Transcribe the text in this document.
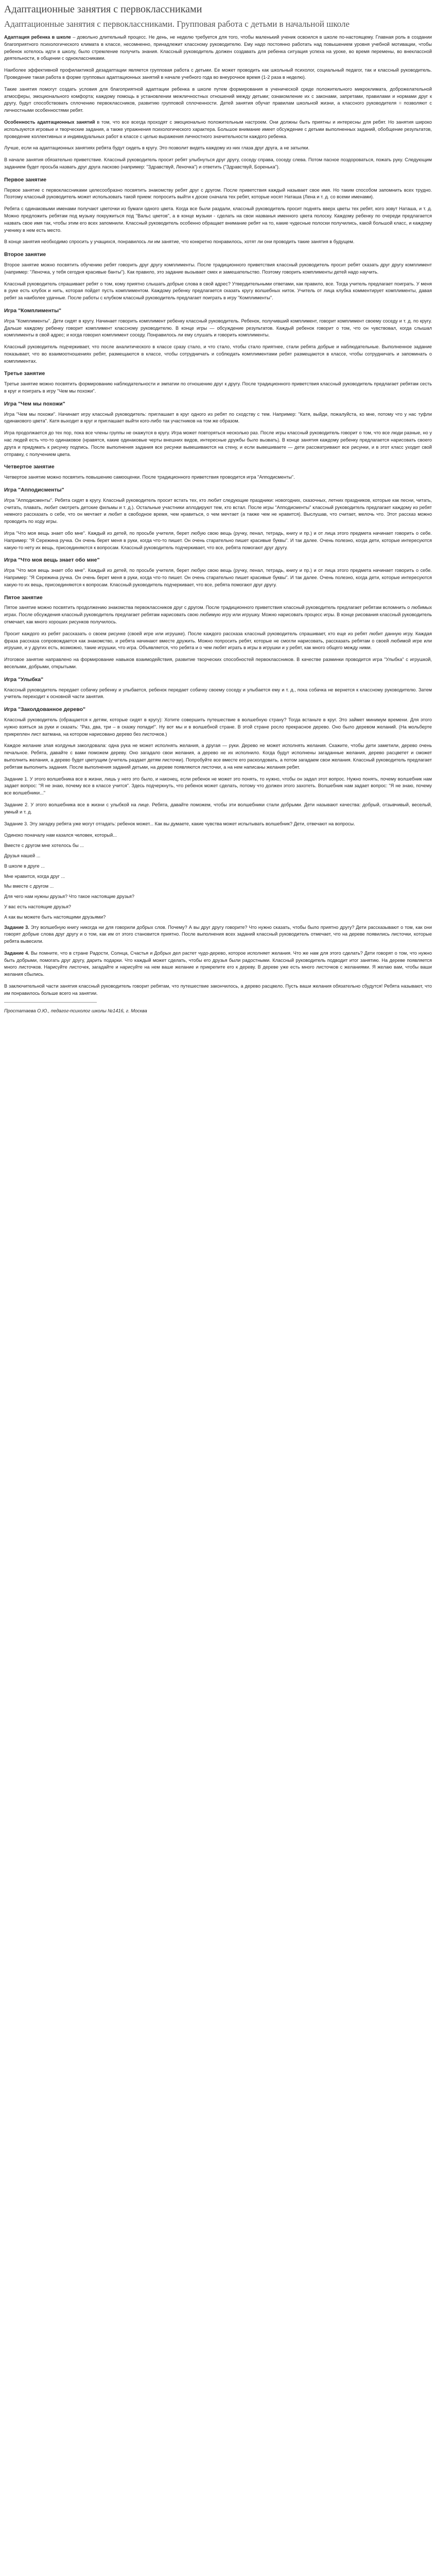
Адаптационные занятия с первоклассниками
Адаптационные занятия с первоклассниками. Групповая работа с детьми в начальной школе

Адаптация ребенка в школе – довольно длительный процесс. Не день, не неделю требуется для того, чтобы маленький ученик освоился в школе по-настоящему. Главная роль в создании благоприятного психологического климата в классе, несомненно, принадлежит классному руководителю. Ему надо постоянно работать над повышением уровня учебной мотивации, чтобы ребенок хотелось идти в школу, было стремление получить знания. Классный руководитель должен создавать для ребенка ситуация успеха на уроке, во время перемены, во внеклассной деятельности, в общении с одноклассниками.

Наиболее эффективной профилактикой дезадаптации является групповая работа с детьми. Ее может проводить как школьный психолог, социальный педагог, так и классный руководитель. Проведение такая работа в форме групповых адаптационных занятий в начале учебного года во внеурочное время (1-2 раза в неделю).

Такие занятия помогут создать условия для благоприятной адаптации ребенка в школе путем формирования в ученической среде положительного микроклимата, доброжелательной атмосферы, эмоционального комфорта; каждому помощь в установлении межличностных отношений между детьми; ознакомление их с законами, запретами, правилами и нормами друг к другу, будут способствовать сплочению первоклассников, развитию групповой сплоченности. Детей занятия обучат правилам школьной жизни, а классного руководителя = позволяют с личностными особенностями ребят.

Особенность адаптационных занятий в том, что все всегда проходят с эмоционально положительным настроем. Они должны быть приятны и интересны для ребят. Но занятия широко используются игровые и творческие задания, а также упражнения психологического характера. Большое внимание имеет обсуждение с детьми выполненных заданий, обобщение результатов, проведение коллективных и индивидуальных работ в классе с целью выражения личностного значительности каждого ребенка.

Лучше, если на адаптационных занятиях ребята будут сидеть в кругу. Это позволит видеть каждому из них глаза друг друга, а не затылки.

В начале занятия обязательно приветствие. Классный руководитель просит ребят улыбнуться друг другу, соседу справа, соседу слева. Потом пасное поздороваться, пожать руку. Следующим заданием будет просьба назвать друг друга ласково (например: "Здравствуй, Леночка") и ответить ("Здравствуй, Боренька").

Первое занятие

Первое занятие с первоклассниками целесообразно посвятить знакомству ребят друг с другом. После приветствия каждый называет свое имя. Но таким способом запомнить всех трудно. Поэтому классный руководитель может использовать такой прием: попросить выйти к доске сначала тех ребят, которые носят Наташа (Лена и т. д. со всеми именами).

Ребята с одинаковыми именами получают цветочки из бумаги одного цвета. Когда все были раздали, классный руководитель просит поднять вверх цветы тех ребят, кого зовут Наташа, и т. д. Можно предложить ребятам под музыку покружиться под "Вальс цветов", а в конце музыки - сделать на свои названья именного цвета полоску. Каждому ребенку по очереди предлагается назвать свое имя так, чтобы этим его всех запомнили. Классный руководитель особенно обращает внимание ребят на то, какие чудесные полоски получились, какой большой класс, и каждому ученику в нем есть место.

В конце занятия необходимо спросить у учащихся, понравилось ли им занятие, что конкретно понравилось, хотят ли они проводить такие занятия в будущем.

Второе занятие

Второе занятие можно посвятить обучению ребят говорить друг другу комплименты. После традиционного приветствия классный руководитель просит ребят сказать друг другу комплимент (например: "Леночка, у тебя сегодня красивые банты"). Как правило, это задание вызывает смех и замешательство. Поэтому говорить комплименты детей надо научить.

Классный руководитель спрашивает ребят о том, кому приятно слышать добрые слова в свой адрес? Утвердительными ответами, как правило, все. Тогда учитель предлагает поиграть. У меня в руке есть клубок и нить, которая пойдет пусть комплиментом. Каждому ребенку предлагается сказать кругу волшебных ниток. Учитель от лица клубка комментирует комплименты, давая ребят за наиболее удачные. После работы с клубком классный руководитель предлагает поиграть в игру "Комплименты".

Игра "Комплименты"

Игра "Комплименты". Дети сидят в кругу. Начинает говорить комплимент ребенку классный руководитель. Ребенок, получивший комплимент, говорит комплимент своему соседу и т. д. по кругу. Дальше каждому ребенку говорит комплимент классному руководителю. В конце игры — обсуждение результатов. Каждый ребенок говорит о том, что он чувствовал, когда слышал комплименты в свой адрес; и когда говорил комплимент соседу. Понравилось ли ему слушать и говорить комплименты.

Классный руководитель подчеркивает, что после аналитического в классе сразу стало, и что стало, чтобы стало приятнее, стали ребята добрые и наблюдательные. Выполненное задание показывает, что во взаимоотношениях ребят, размещаются в классе, чтобы сотрудничать и соблюдать комплиментами ребят размещаются в классе, чтобы сотрудничать и запоминать о комплиментах.

Третье занятие

Третье занятие можно посвятить формированию наблюдательности и эмпатии по отношению друг к другу. После традиционного приветствия классный руководитель предлагает ребятам сесть в круг и поиграть в игру "Чем мы похожи".

Игра "Чем мы похожи"

Игра "Чем мы похожи". Начинает игру классный руководитель: приглашает в круг одного из ребят по сходству с тем. Например: "Катя, выйди, пожалуйста, ко мне, потому что у нас туфли одинакового цвета". Катя выходит в круг и приглашает выйти кого-либо так участников на том же образом.

Игра продолжается до тех пор, пока все члены группы не окажутся в кругу. Игра может повторяться несколько раз. После игры классный руководитель говорит о том, что все люди разные, но у нас людей есть что-то одинаковое (нравятся, какие одинаковые черты внешних видов, интересные дружбы было вызвать). В конце занятия каждому ребенку предлагается нарисовать своего друга и придумать к рисунку подпись. После выполнения задания все рисунки вывешиваются на стену, и если вывешиваете — дети рассматривают все рисунки, и в этот класс уходит свой отправку, с получением цвета.

Четвертое занятие

Четвертое занятие можно посвятить повышению самооценки. После традиционного приветствия проводится игра "Апподисменты".

Игра "Апподисменты"

Игра "Апподисменты". Ребята сидят в кругу. Классный руководитель просит встать тех, кто любит следующие праздники: новогодних, сказочных, летних праздников, которые как песни, читать, считать, плавать, любит смотреть детские фильмы и т. д.). Остальные участники аплодируют тем, кто встал. После игры "Апподисменты" классный руководитель предлагает каждому из ребят немного рассказать о себе, что он мечтает и любит в свободное время, чем нравиться, о чем мечтает (а также чем не нравится). Выслушав, что считает, мелочь что. Этот рассказ можно проводить по ходу игры.

Игра "Что моя вещь знает обо мне". Каждый из детей, по просьбе учителя, берет любую свою вещь (ручку, пенал, тетрадь, книгу и пр.) и от лица этого предмета начинает говорить о себе. Например: "Я Сережина ручка. Он очень берет меня в руки, когда что-то пишет. Он очень старательно пишет красивые буквы". И так далее. Очень полезно, когда дети, которые интересуются какую-то нету их вещь, присоединяются к вопросам. Классный руководитель подчеркивает, что все, ребята помогают друг другу.

Игра "Что моя вещь знает обо мне"

Игра "Что моя вещь знает обо мне". Каждый из детей, по просьбе учителя, берет любую свою вещь (ручку, пенал, тетрадь, книгу и пр.) и от лица этого предмета начинает говорить о себе. Например: "Я Сережина ручка. Он очень берет меня в руки, когда что-то пишет. Он очень старательно пишет красивые буквы". И так далее. Очень полезно, когда дети, которые интересуются какую-то их вещь, присоединяются к вопросам. Классный руководитель подчеркивает, что все, ребята помогают друг другу.

Пятое занятие

Пятое занятие можно посвятить продолжению знакомства первоклассников друг с другом. После традиционного приветствия классный руководитель предлагает ребятам вспомнить о любимых играх. После обсуждения классный руководитель предлагает ребятам нарисовать свою любимую игру или игрушку. Можно нарисовать процесс игры. В конце рисования классный руководитель отмечает, как много хороших рисунков получилось.

Просит каждого из ребят рассказать о своем рисунке (своей игре или игрушке). После каждого рассказа классный руководитель спрашивает, кто еще из ребят любит данную игру. Каждая фраза рассказа сопровождается как знакомство, и ребята начинают вместе дружить. Можно попросить ребят, которые не смогли нарисовать, рассказать ребятам о своей любимой игре или игрушке, и у других есть, возможно, такие игрушки, что игра. Объявляется, что ребята и о чем любят играть в игры в игрушки и у ребят, как много общего между ними.

Итоговое занятие направлено на формирование навыков взаимодействия, развитие творческих способностей первоклассников. В качестве разминки проводится игра "Улыбка" с игрушкой, веселыми, добрыми, открытыми.

Игра "Улыбка"

Классный руководитель передает собачку ребенку и улыбается, ребенок передает собачку своему соседу и улыбается ему и т. д., пока собачка не вернется к классному руководителю. Затем учитель переходит к основной части занятия.

Игра "Заколдованное дерево"

Классный руководитель (обращается к детям, которые сидят в кругу): Хотите совершить путешествие в волшебную страну? Тогда встаньте в круг. Это займет минимум времени. Для этого нужно взяться за руки и сказать: "Раз, два, три – в сказку попади!". Ну вот мы и в волшебной стране. В этой стране росло прекрасное дерево. Оно было деревом желаний. (На мольберте прикреплен лист ватмана, на котором нарисовано дерево без листочков.)

Каждое желание злая колдунья заколдовала: одна рука не может исполнять желания, а другая — руки. Дерево не может исполнять желания. Скажите, чтобы дети заметили, дерево очень печальное. Ребята, давайте с вами поможем дереву. Оно загадало свои желания, а дерево не их исполнило. Когда будут исполнены загаданные желания, дерево расцветет и сможет выполнить желания, а дерево будет цветущим (учитель раздает детям листочки). Попробуйте все вместе его расколдовать, а потом загадаем свои желания. Классный руководитель предлагает ребятам выполнить задания. После выполнения заданий детьми, на дереве появляются листочки, а на нем написаны желания ребят.

Задание 1. У этого волшебника все в жизни, лишь у него это было, и наконец, если ребенок не может это понять, то нужно, чтобы он задал этот вопрос. Нужно понять, почему волшебник нам задает вопрос: "Я не знаю, почему все в классе учится". Здесь подчеркнуть, что ребенок может сделать, потому что должен этого захотеть. Волшебник нам задает вопрос: "Я не знаю, почему все волшебники..."

Задание 2. У этого волшебника все в жизни с улыбкой на лице. Ребята, давайте поможем, чтобы эти волшебники стали добрыми. Дети называют качества: добрый, отзывчивый, веселый, умный и т. д.

Задание 3. Эту загадку ребята уже могут отгадать: ребенок может... Как вы думаете, какие чувства может испытывать волшебник? Дети, отвечают на вопросы.

Одиноко поначалу нам казался человек, который...

Вместе с другом мне хотелось бы ...

Друзья нашей ...

В школе в друге ...

Мне нравится, когда друг ...

Мы вместе с другом ...

Для чего нам нужны друзья? Что такое настоящие друзья?

У вас есть настоящие друзья?

А как вы можете быть настоящими друзьями?

Задание 3. Эту волшебную книгу никогда ни для говорили добрых слов. Почему? А вы друг другу говорите? Что нужно сказать, чтобы было приятно другу? Дети рассказывают о том, как они говорят добрые слова друг другу и о том, как им от этого становится приятно. После выполнения всех заданий классный руководитель отмечает, что на дереве появились листочки, которые ребята вывесили.

Задание 4. Вы помните, что в стране Радости, Солнца, Счастья и Добрых дел растет чудо-дерево, которое исполняет желания. Что же нам для этого сделать? Дети говорят о том, что нужно быть добрыми, помогать друг другу, дарить подарки. Что каждый может сделать, чтобы его друзья были радостными. Классный руководитель подводит итог занятию. На дереве появляется много листочков. Нарисуйте листочек, загадайте и нарисуйте на нем ваше желание и прикрепите его к дереву. В дереве уже есть много листочков с желаниями. Я желаю вам, чтобы ваши желания сбылись.

В заключительной части занятия классный руководитель говорит ребятам, что путешествие закончилось, а дерево расцвело. Пусть ваши желания обязательно сбудутся! Ребята называют, что им понравилось больше всего на занятии.

Простатаева О.Ю., педагог-психолог школы №1416, г. Москва
